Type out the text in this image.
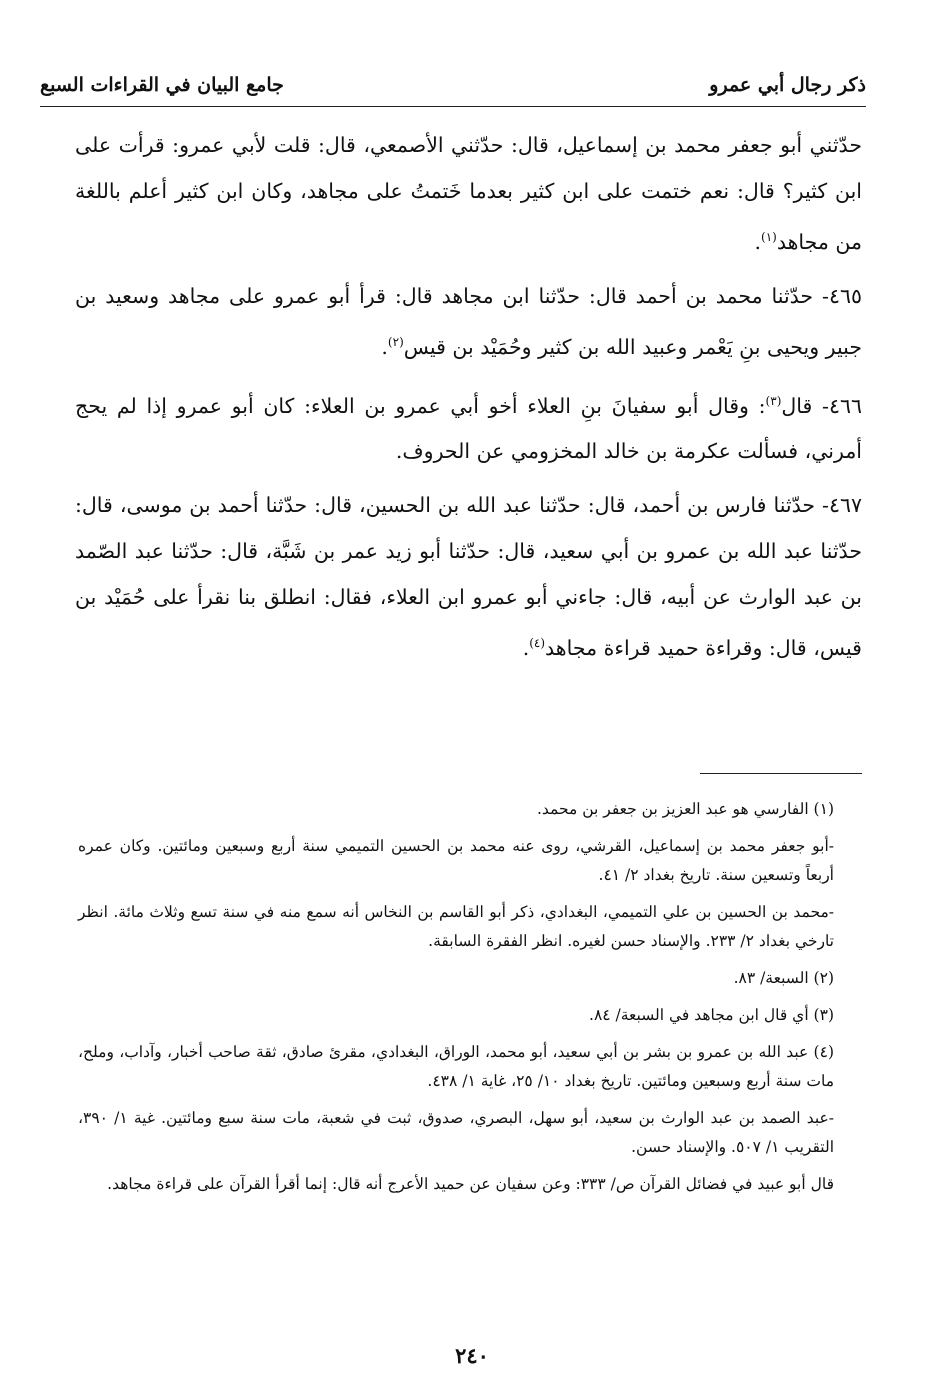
ذكر رجال أبي عمرو
جامع البيان في القراءات السبع

حدّثني أبو جعفر محمد بن إسماعيل، قال: حدّثني الأصمعي، قال: قلت لأبي عمرو: قرأت على ابن كثير؟ قال: نعم ختمت على ابن كثير بعدما خَتمتُ على مجاهد، وكان ابن كثير أعلم باللغة من مجاهد$^{(١)}$.

٤٦٥- حدّثنا محمد بن أحمد قال: حدّثنا ابن مجاهد قال: قرأ أبو عمرو على مجاهد وسعيد بن جبير ويحيى بنِ يَعْمر وعبيد الله بن كثير وحُمَيْد بن قيس$^{(٢)}$.

٤٦٦- قال$^{(٣)}$: وقال أبو سفيانَ بنِ العلاء أخو أبي عمرو بن العلاء: كان أبو عمرو إذا لم يحج أمرني، فسألت عكرمة بن خالد المخزومي عن الحروف.

٤٦٧- حدّثنا فارس بن أحمد، قال: حدّثنا عبد الله بن الحسين، قال: حدّثنا أحمد بن موسى، قال: حدّثنا عبد الله بن عمرو بن أبي سعيد، قال: حدّثنا أبو زيد عمر بن شَبَّة، قال: حدّثنا عبد الصّمد بن عبد الوارث عن أبيه، قال: جاءني أبو عمرو ابن العلاء، فقال: انطلق بنا نقرأ على حُمَيْد بن قيس، قال: وقراءة حميد قراءة مجاهد$^{(٤)}$.

(١) الفارسي هو عبد العزيز بن جعفر بن محمد.

-أبو جعفر محمد بن إسماعيل، القرشي، روى عنه محمد بن الحسين التميمي سنة أربع وسبعين ومائتين. وكان عمره أربعاً وتسعين سنة. تاريخ بغداد ٢/ ٤١.

-محمد بن الحسين بن علي التميمي، البغدادي، ذكر أبو القاسم بن النخاس أنه سمع منه في سنة تسع وثلاث مائة. انظر تارخي بغداد ٢/ ٢٣٣. والإسناد حسن لغيره. انظر الفقرة السابقة.

(٢) السبعة/ ٨٣.

(٣) أي قال ابن مجاهد في السبعة/ ٨٤.

(٤) عبد الله بن عمرو بن بشر بن أبي سعيد، أبو محمد، الوراق، البغدادي، مقرئ صادق، ثقة صاحب أخبار، وآداب، وملح، مات سنة أربع وسبعين ومائتين. تاريخ بغداد ١٠/ ٢٥، غاية ١/ ٤٣٨.

-عبد الصمد بن عبد الوارث بن سعيد، أبو سهل، البصري، صدوق، ثبت في شعبة، مات سنة سبع ومائتين. غية ١/ ٣٩٠، التقريب ١/ ٥٠٧. والإسناد حسن.

قال أبو عبيد في فضائل القرآن ص/ ٣٣٣: وعن سفيان عن حميد الأعرج أنه قال: إنما أقرأ القرآن على قراءة مجاهد.

٢٤٠
